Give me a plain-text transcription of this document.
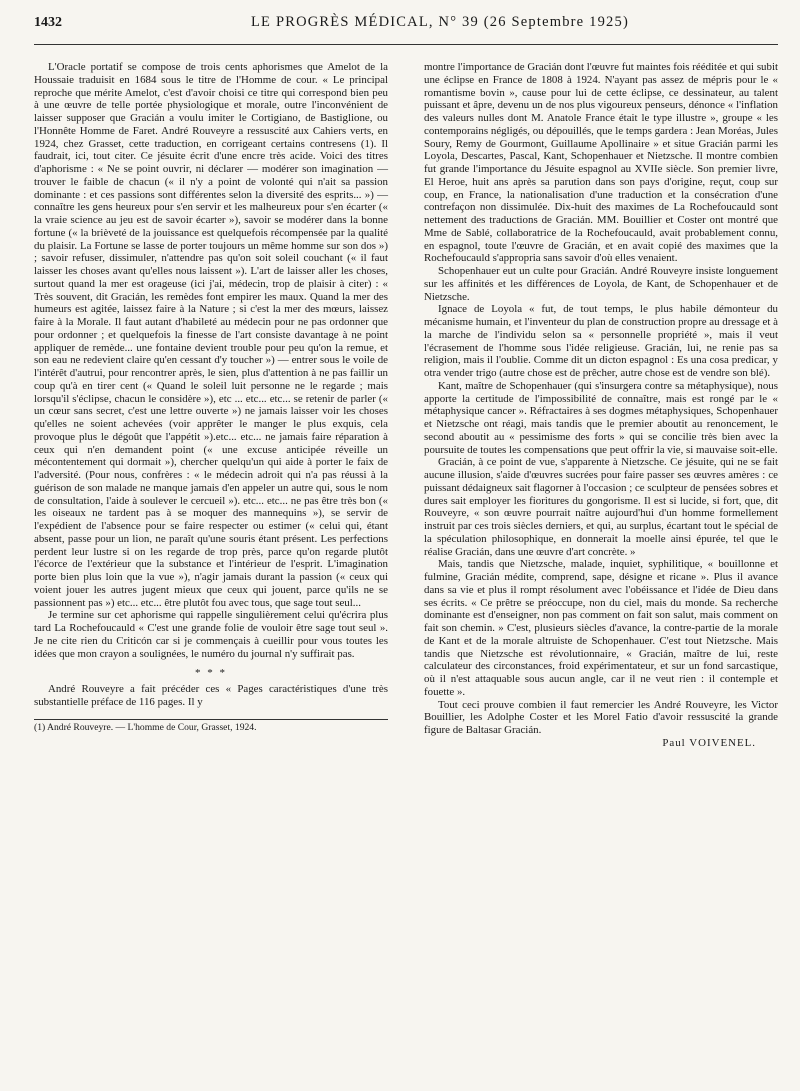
1432	LE PROGRÈS MÉDICAL, N° 39 (26 Septembre 1925)

L'Oracle portatif se compose de trois cents aphorismes que Amelot de la Houssaie traduisit en 1684 sous le titre de l'Homme de cour. « Le principal reproche que mérite Amelot, c'est d'avoir choisi ce titre qui correspond bien peu à une œuvre de telle portée physiologique et morale, outre l'inconvénient de laisser supposer que Gracián a voulu imiter le Cortigiano, de Bastiglione, ou l'Honnête Homme de Faret. André Rouveyre a ressuscité aux Cahiers verts, en 1924, chez Grasset, cette traduction, en corrigeant certains contresens (1). Il faudrait, ici, tout citer. Ce jésuite écrit d'une encre très acide. Voici des titres d'aphorisme : « Ne se point ouvrir, ni déclarer — modérer son imagination — trouver le faible de chacun (« il n'y a point de volonté qui n'ait sa passion dominante : et ces passions sont différentes selon la diversité des esprits... ») — connaître les gens heureux pour s'en servir et les malheureux pour s'en écarter (« la vraie science au jeu est de savoir écarter »), savoir se modérer dans la bonne fortune (« la brièveté de la jouissance est quelquefois récompensée par la qualité du plaisir. La Fortune se lasse de porter toujours un même homme sur son dos ») ; savoir refuser, dissimuler, n'attendre pas qu'on soit soleil couchant (« il faut laisser les choses avant qu'elles nous laissent »). L'art de laisser aller les choses, surtout quand la mer est orageuse (ici j'ai, médecin, trop de plaisir à citer) : « Très souvent, dit Gracián, les remèdes font empirer les maux. Quand la mer des humeurs est agitée, laissez faire à la Nature ; si c'est la mer des mœurs, laissez faire à la Morale. Il faut autant d'habileté au médecin pour ne pas ordonner que pour ordonner ; et quelquefois la finesse de l'art consiste davantage à ne point appliquer de remède... une fontaine devient trouble pour peu qu'on la remue, et son eau ne redevient claire qu'en cessant d'y toucher ») — entrer sous le voile de l'intérêt d'autrui, pour rencontrer après, le sien, plus d'attention à ne pas faillir un coup qu'à en tirer cent (« Quand le soleil luit personne ne le regarde ; mais lorsqu'il s'éclipse, chacun le considère »), etc ... etc... etc... se retenir de parler (« un cœur sans secret, c'est une lettre ouverte ») ne jamais laisser voir les choses qu'elles ne soient achevées (voir apprêter le manger le plus exquis, cela provoque plus le dégoût que l'appétit »).etc... etc... ne jamais faire réparation à ceux qui n'en demandent point (« une excuse anticipée réveille un mécontentement qui dormait »), chercher quelqu'un qui aide à porter le faix de l'adversité. (Pour nous, confrères : « le médecin adroit qui n'a pas réussi à la guérison de son malade ne manque jamais d'en appeler un autre qui, sous le nom de consultation, l'aide à soulever le cercueil »). etc... etc... ne pas être très bon (« les oiseaux ne tardent pas à se moquer des mannequins »), se servir de l'expédient de l'absence pour se faire respecter ou estimer (« celui qui, étant absent, passe pour un lion, ne paraît qu'une souris étant présent. Les perfections perdent leur lustre si on les regarde de trop près, parce qu'on regarde plutôt l'écorce de l'extérieur que la substance et l'intérieur de l'esprit. L'imagination porte bien plus loin que la vue »), n'agir jamais durant la passion (« ceux qui voient jouer les autres jugent mieux que ceux qui jouent, parce qu'ils ne se passionnent pas ») etc... etc... être plutôt fou avec tous, que sage tout seul...

Je termine sur cet aphorisme qui rappelle singulièrement celui qu'écrira plus tard La Rochefoucauld « C'est une grande folie de vouloir être sage tout seul ». Je ne cite rien du Criticón car si je commençais à cueillir pour vous toutes les idées que mon crayon a soulignées, le numéro du journal n'y suffirait pas.

* * *

André Rouveyre a fait précéder ces « Pages caractéristiques d'une très substantielle préface de 116 pages. Il y

(1) André Rouveyre. — L'homme de Cour, Grasset, 1924.

montre l'importance de Gracián dont l'œuvre fut maintes fois rééditée et qui subit une éclipse en France de 1808 à 1924. N'ayant pas assez de mépris pour le « romantisme bovin », cause pour lui de cette éclipse, ce dessinateur, au talent puissant et âpre, devenu un de nos plus vigoureux penseurs, dénonce « l'inflation des valeurs nulles dont M. Anatole France était le type illustre », groupe « les contemporains négligés, ou dépouillés, que le temps gardera : Jean Moréas, Jules Soury, Remy de Gourmont, Guillaume Apollinaire » et situe Gracián parmi les Loyola, Descartes, Pascal, Kant, Schopenhauer et Nietzsche. Il montre combien fut grande l'importance du Jésuite espagnol au XVIIe siècle. Son premier livre, El Heroe, huit ans après sa parution dans son pays d'origine, reçut, coup sur coup, en France, la nationalisation d'une traduction et la consécration d'une contrefaçon non dissimulée. Dix-huit des maximes de La Rochefoucauld sont nettement des traductions de Gracián. MM. Bouillier et Coster ont montré que Mme de Sablé, collaboratrice de la Rochefoucauld, avait probablement connu, en espagnol, toute l'œuvre de Gracián, et en avait copié des maximes que la Rochefoucauld s'appropria sans savoir d'où elles venaient.

Schopenhauer eut un culte pour Gracián. André Rouveyre insiste longuement sur les affinités et les différences de Loyola, de Kant, de Schopenhauer et de Nietzsche.

Ignace de Loyola « fut, de tout temps, le plus habile démonteur du mécanisme humain, et l'inventeur du plan de construction propre au dressage et à la marche de l'individu selon sa « personnelle propriété », mais il veut l'écrasement de l'homme sous l'idée religieuse. Gracián, lui, ne renie pas sa religion, mais il l'oublie. Comme dit un dicton espagnol : Es una cosa predicar, y otra vender trigo (autre chose est de prêcher, autre chose est de vendre son blé).

Kant, maître de Schopenhauer (qui s'insurgera contre sa métaphysique), nous apporte la certitude de l'impossibilité de connaître, mais est rongé par le « métaphysique cancer ». Réfractaires à ses dogmes métaphysiques, Schopenhauer et Nietzsche ont réagi, mais tandis que le premier aboutit au renoncement, le second aboutit au « pessimisme des forts » qui se concilie très bien avec la poursuite de toutes les compensations que peut offrir la vie, si mauvaise soit-elle.

Gracián, à ce point de vue, s'apparente à Nietzsche. Ce jésuite, qui ne se fait aucune illusion, s'aide d'œuvres sucrées pour faire passer ses œuvres amères : ce puissant dédaigneux sait flagorner à l'occasion ; ce sculpteur de pensées sobres et dures sait employer les fioritures du gongorisme. Il est si lucide, si fort, que, dit Rouveyre, « son œuvre pourrait naître aujourd'hui d'un homme formellement instruit par ces trois siècles derniers, et qui, au surplus, écartant tout le spécial de la spéculation philosophique, en donnerait la moelle ainsi épurée, tel que le réalise Gracián, dans une œuvre d'art concrète. »

Mais, tandis que Nietzsche, malade, inquiet, syphilitique, « bouillonne et fulmine, Gracián médite, comprend, sape, désigne et ricane ». Plus il avance dans sa vie et plus il rompt résolument avec l'obéissance et l'idée de Dieu dans ses écrits. « Ce prêtre se préoccupe, non du ciel, mais du monde. Sa recherche dominante est d'enseigner, non pas comment on fait son salut, mais comment on fait son chemin. » C'est, plusieurs siècles d'avance, la contre-partie de la morale de Kant et de la morale altruiste de Schopenhauer. C'est tout Nietzsche. Mais tandis que Nietzsche est révolutionnaire, « Gracián, maître de lui, reste calculateur des circonstances, froid expérimentateur, et sur un fond sarcastique, où il n'est attaquable sous aucun angle, car il ne veut rien : il contemple et fouette ».

Tout ceci prouve combien il faut remercier les André Rouveyre, les Victor Bouillier, les Adolphe Coster et les Morel Fatio d'avoir ressuscité la grande figure de Baltasar Gracián.

Paul VOIVENEL.
